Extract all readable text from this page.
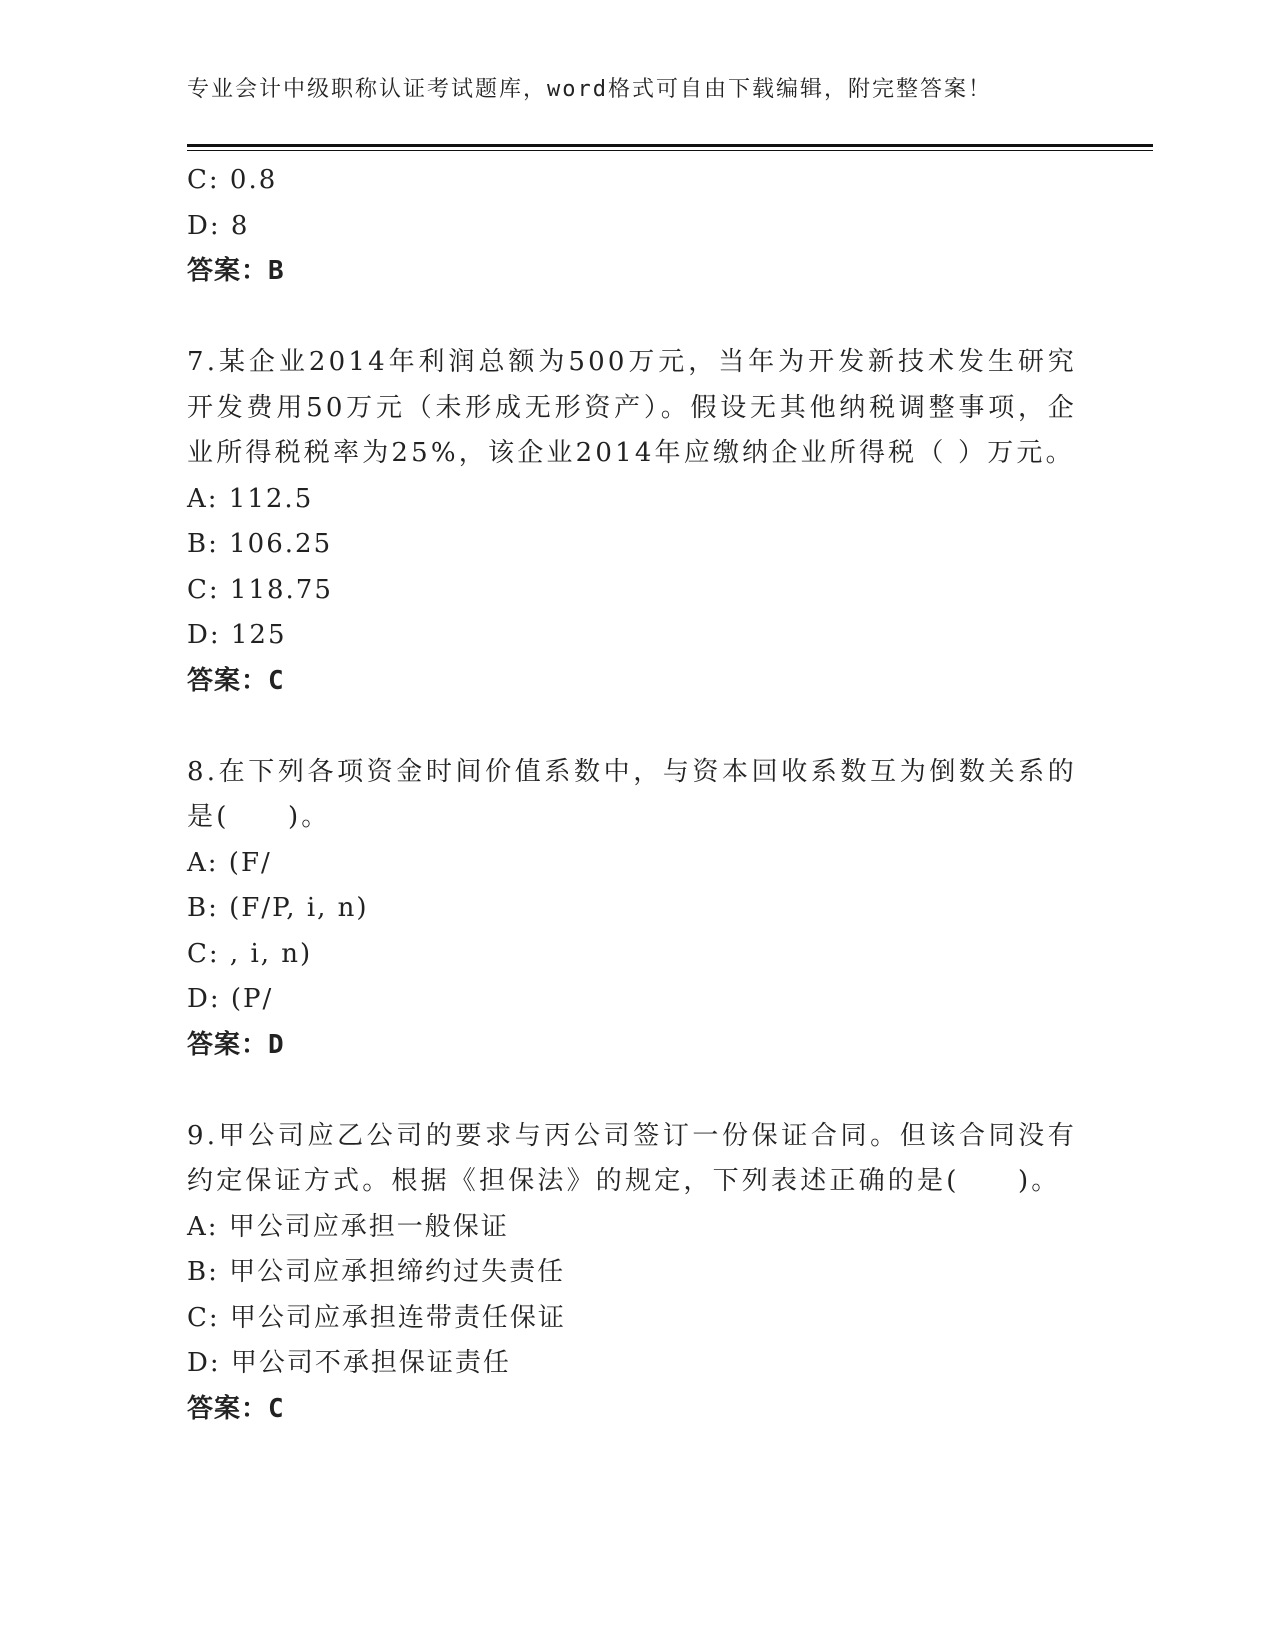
专业会计中级职称认证考试题库，word格式可自由下载编辑，附完整答案！

C: 0.8

D: 8

答案：B

7.某企业2014年利润总额为500万元，当年为开发新技术发生研究开发费用50万元（未形成无形资产）。假设无其他纳税调整事项，企业所得税税率为25%，该企业2014年应缴纳企业所得税（ ）万元。

A: 112.5

B: 106.25

C: 118.75

D: 125

答案：C

8.在下列各项资金时间价值系数中，与资本回收系数互为倒数关系的是(　　)。

A: (F/

B: (F/P, i, n)

C: , i, n)

D: (P/

答案：D

9.甲公司应乙公司的要求与丙公司签订一份保证合同。但该合同没有约定保证方式。根据《担保法》的规定，下列表述正确的是(　　)。

A: 甲公司应承担一般保证

B: 甲公司应承担缔约过失责任

C: 甲公司应承担连带责任保证

D: 甲公司不承担保证责任

答案：C
